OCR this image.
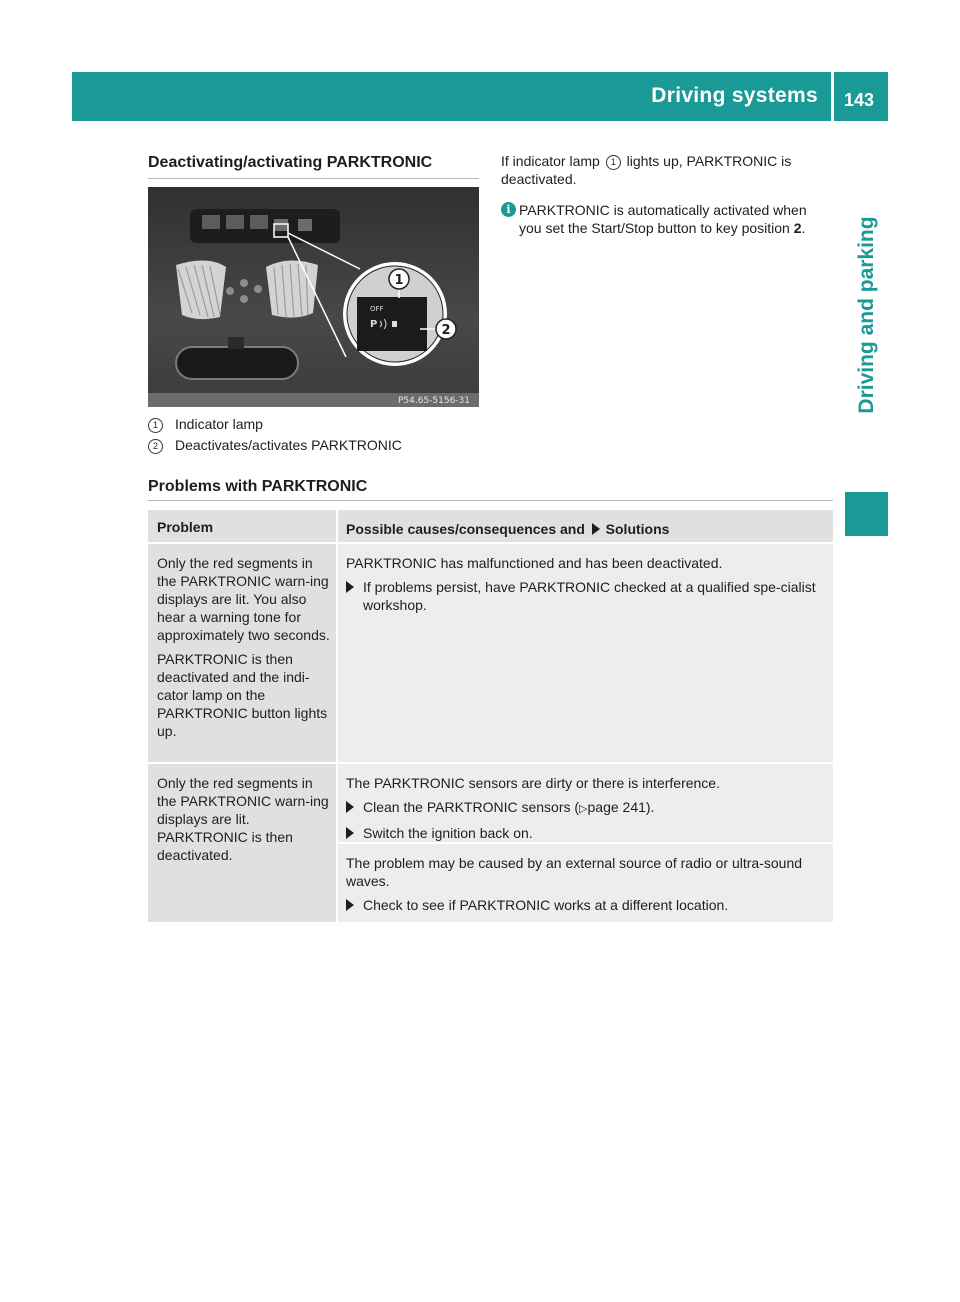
Driving systems 143
Driving and parking
Deactivating/activating PARKTRONIC
OFF
P
1
2
P54.65-5156-31
1 Indicator lamp
2 Deactivates/activates PARKTRONIC

If indicator lamp 1 lights up, PARKTRONIC is deactivated.

i PARKTRONIC is automatically activated when you set the Start/Stop button to key position 2.
Problems with PARKTRONIC
Problem	Possible causes/consequences and Solutions

Only the red segments in the PARKTRONIC warn-ing displays are lit. You also hear a warning tone for approximately two seconds.

PARKTRONIC is then deactivated and the indi-cator lamp on the PARKTRONIC button lights up.

PARKTRONIC has malfunctioned and has been deactivated.

If problems persist, have PARKTRONIC checked at a qualified spe-cialist workshop.

Only the red segments in the PARKTRONIC warn-ing displays are lit. PARKTRONIC is then deactivated.

The PARKTRONIC sensors are dirty or there is interference.

Clean the PARKTRONIC sensors (▷page 241).
Switch the ignition back on.

The problem may be caused by an external source of radio or ultra-sound waves.

Check to see if PARKTRONIC works at a different location.
